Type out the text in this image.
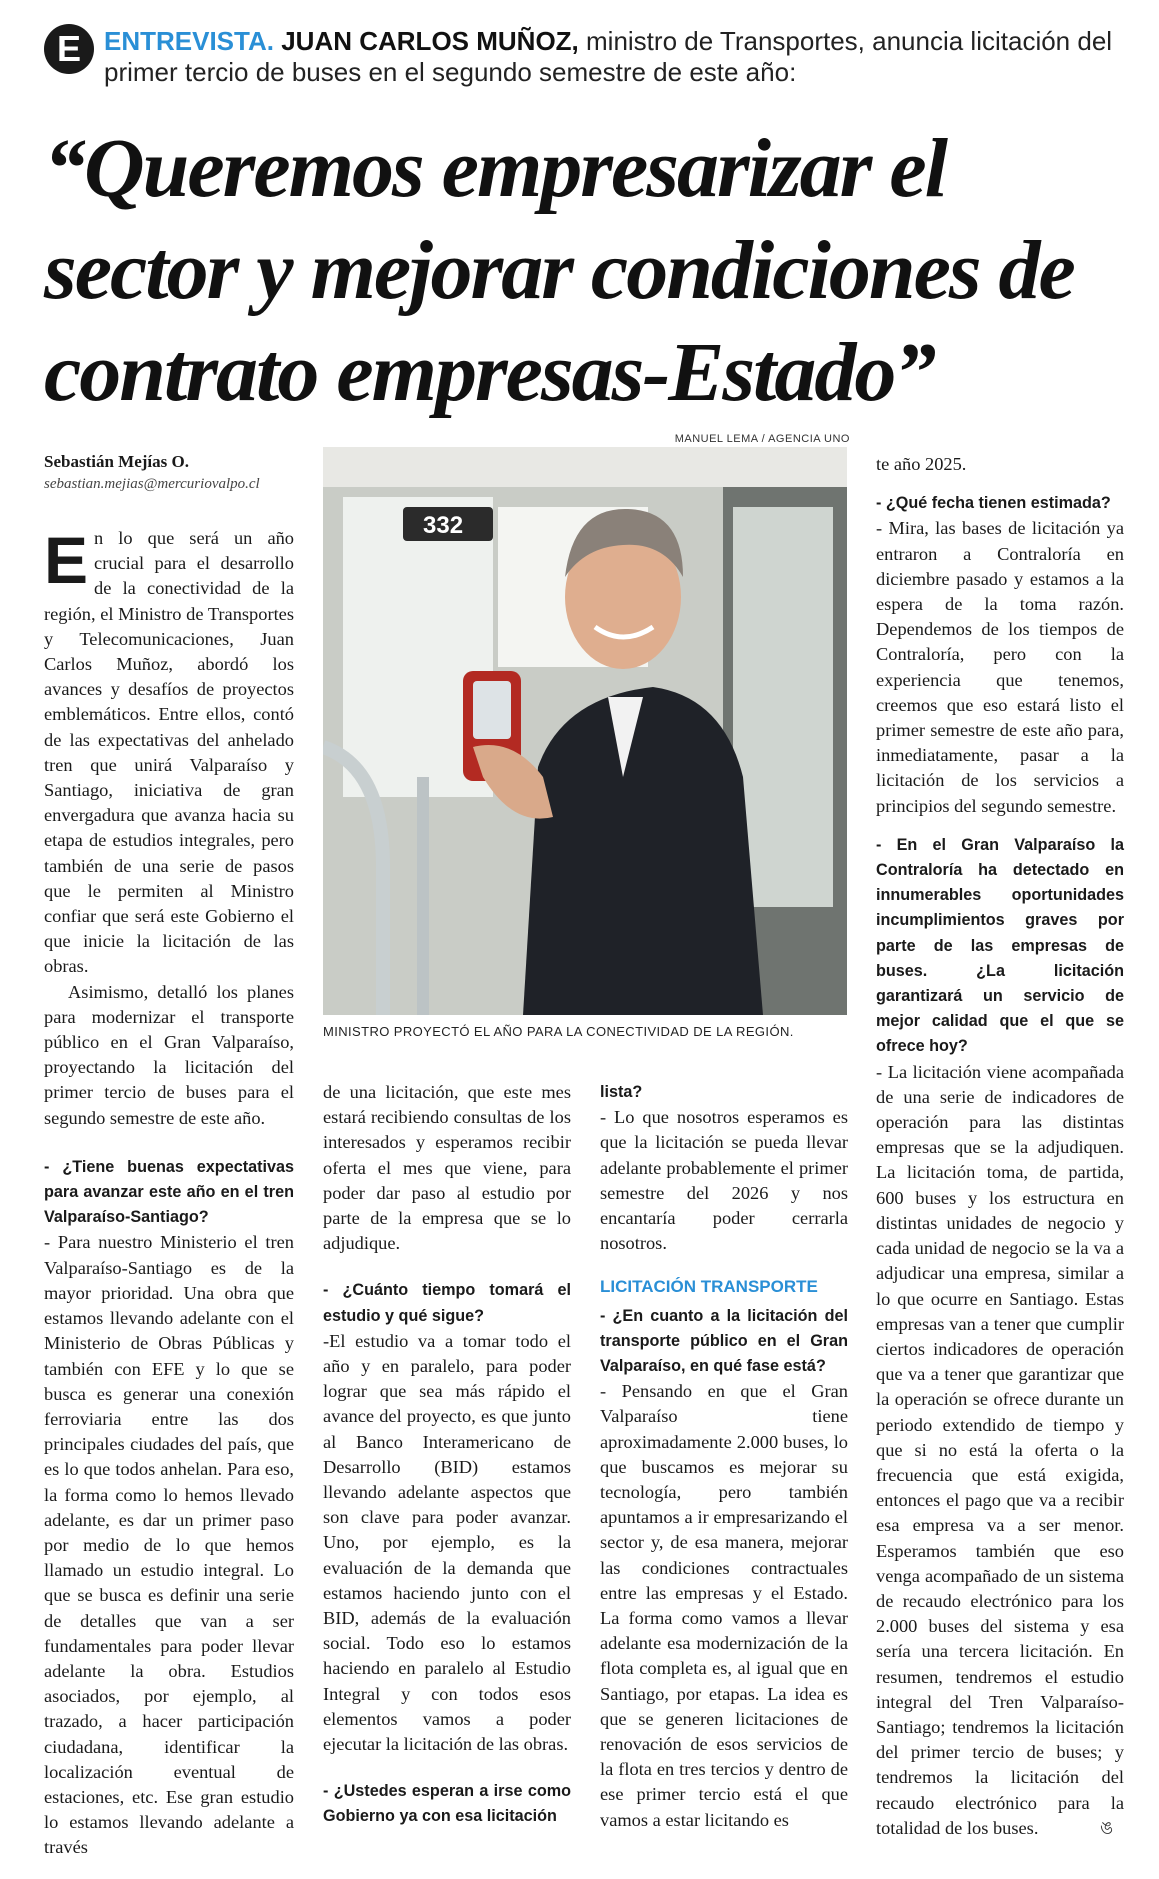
E ENTREVISTA. JUAN CARLOS MUÑOZ, ministro de Transportes, anuncia licitación del primer tercio de buses en el segundo semestre de este año:
“Queremos empresarizar el sector y mejorar condiciones de contrato empresas-Estado”
Sebastián Mejías O.
sebastian.mejias@mercuriovalpo.cl
MANUEL LEMA / AGENCIA UNO
332
MINISTRO PROYECTÓ EL AÑO PARA LA CONECTIVIDAD DE LA REGIÓN.

En lo que será un año crucial para el desarrollo de la conectividad de la región, el Ministro de Transportes y Telecomunicaciones, Juan Carlos Muñoz, abordó los avances y desafíos de proyectos emblemáticos. Entre ellos, contó de las expectativas del anhelado tren que unirá Valparaíso y Santiago, iniciativa de gran envergadura que avanza hacia su etapa de estudios integrales, pero también de una serie de pasos que le permiten al Ministro confiar que será este Gobierno el que inicie la licitación de las obras.

Asimismo, detalló los planes para modernizar el transporte público en el Gran Valparaíso, proyectando la licitación del primer tercio de buses para el segundo semestre de este año.

- ¿Tiene buenas expectativas para avanzar este año en el tren Valparaíso-Santiago?

- Para nuestro Ministerio el tren Valparaíso-Santiago es de la mayor prioridad. Una obra que estamos llevando adelante con el Ministerio de Obras Públicas y también con EFE y lo que se busca es generar una conexión ferroviaria entre las dos principales ciudades del país, que es lo que todos anhelan. Para eso, la forma como lo hemos llevado adelante, es dar un primer paso por medio de lo que hemos llamado un estudio integral. Lo que se busca es definir una serie de detalles que van a ser fundamentales para poder llevar adelante la obra. Estudios asociados, por ejemplo, al trazado, a hacer participación ciudadana, identificar la localización eventual de estaciones, etc. Ese gran estudio lo estamos llevando adelante a través

de una licitación, que este mes estará recibiendo consultas de los interesados y esperamos recibir oferta el mes que viene, para poder dar paso al estudio por parte de la empresa que se lo adjudique.

- ¿Cuánto tiempo tomará el estudio y qué sigue?

-El estudio va a tomar todo el año y en paralelo, para poder lograr que sea más rápido el avance del proyecto, es que junto al Banco Interamericano de Desarrollo (BID) estamos llevando adelante aspectos que son clave para poder avanzar. Uno, por ejemplo, es la evaluación de la demanda que estamos haciendo junto con el BID, además de la evaluación social. Todo eso lo estamos haciendo en paralelo al Estudio Integral y con todos esos elementos vamos a poder ejecutar la licitación de las obras.

- ¿Ustedes esperan a irse como Gobierno ya con esa licitación

lista?

- Lo que nosotros esperamos es que la licitación se pueda llevar adelante probablemente el primer semestre del 2026 y nos encantaría poder cerrarla nosotros.

LICITACIÓN TRANSPORTE

- ¿En cuanto a la licitación del transporte público en el Gran Valparaíso, en qué fase está?

- Pensando en que el Gran Valparaíso tiene aproximadamente 2.000 buses, lo que buscamos es mejorar su tecnología, pero también apuntamos a ir empresarizando el sector y, de esa manera, mejorar las condiciones contractuales entre las empresas y el Estado. La forma como vamos a llevar adelante esa modernización de la flota completa es, al igual que en Santiago, por etapas. La idea es que se generen licitaciones de renovación de esos servicios de la flota en tres tercios y dentro de ese primer tercio está el que vamos a estar licitando es

te año 2025.

- ¿Qué fecha tienen estimada?

- Mira, las bases de licitación ya entraron a Contraloría en diciembre pasado y estamos a la espera de la toma razón. Dependemos de los tiempos de Contraloría, pero con la experiencia que tenemos, creemos que eso estará listo el primer semestre de este año para, inmediatamente, pasar a la licitación de los servicios a principios del segundo semestre.

- En el Gran Valparaíso la Contraloría ha detectado en innumerables oportunidades incumplimientos graves por parte de las empresas de buses. ¿La licitación garantizará un servicio de mejor calidad que el que se ofrece hoy?

- La licitación viene acompañada de una serie de indicadores de operación para las distintas empresas que se la adjudiquen. La licitación toma, de partida, 600 buses y los estructura en distintas unidades de negocio y cada unidad de negocio se la va a adjudicar una empresa, similar a lo que ocurre en Santiago. Estas empresas van a tener que cumplir ciertos indicadores de operación que va a tener que garantizar que la operación se ofrece durante un periodo extendido de tiempo y que si no está la oferta o la frecuencia que está exigida, entonces el pago que va a recibir esa empresa va a ser menor. Esperamos también que eso venga acompañado de un sistema de recaudo electrónico para los 2.000 buses del sistema y esa sería una tercera licitación. En resumen, tendremos el estudio integral del Tren Valparaíso-Santiago; tendremos la licitación del primer tercio de buses; y tendremos la licitación del recaudo electrónico para la totalidad de los buses.	ঙ
